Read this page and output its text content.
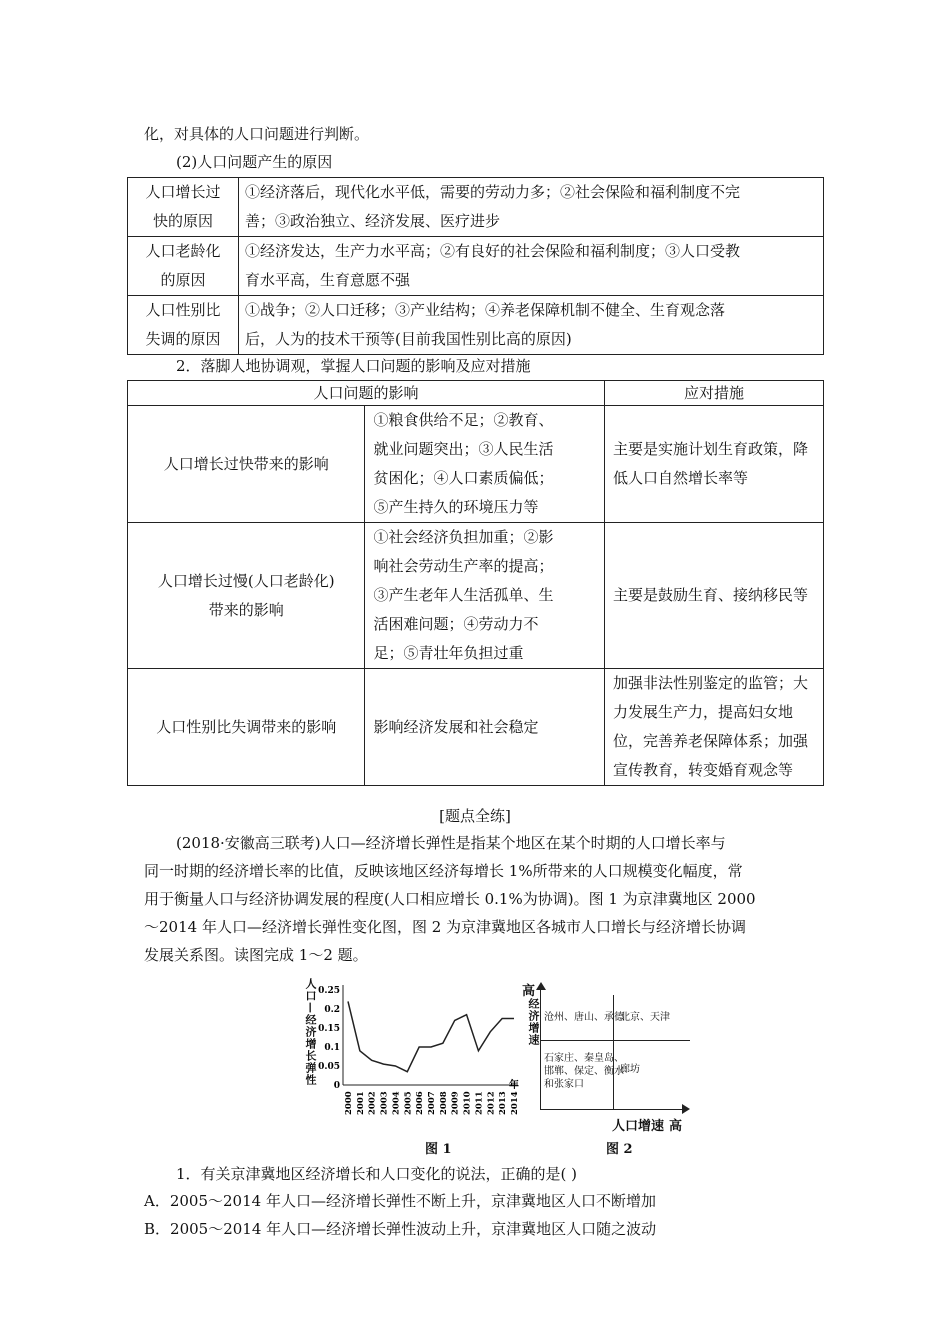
化，对具体的人口问题进行判断。
(2)人口问题产生的原因
人口增长过
快的原因	①经济落后，现代化水平低，需要的劳动力多；②社会保险和福利制度不完
善；③政治独立、经济发展、医疗进步
人口老龄化
的原因	①经济发达，生产力水平高；②有良好的社会保险和福利制度；③人口受教
育水平高，生育意愿不强
人口性别比
失调的原因	①战争；②人口迁移；③产业结构；④养老保障机制不健全、生育观念落
后，人为的技术干预等(目前我国性别比高的原因)
2．落脚人地协调观，掌握人口问题的影响及应对措施
人口问题的影响		应对措施
人口增长过快带来的影响	①粮食供给不足；②教育、
就业问题突出；③人民生活
贫困化；④人口素质偏低；
⑤产生持久的环境压力等	主要是实施计划生育政策，降
低人口自然增长率等
人口增长过慢(人口老龄化)
带来的影响	①社会经济负担加重；②影
响社会劳动生产率的提高；
③产生老年人生活孤单、生
活困难问题；④劳动力不
足；⑤青壮年负担过重	主要是鼓励生育、接纳移民等
人口性别比失调带来的影响	影响经济发展和社会稳定	加强非法性别鉴定的监管；大
力发展生产力，提高妇女地
位，完善养老保障体系；加强
宣传教育，转变婚育观念等
[题点全练]
(2018·安徽高三联考)人口—经济增长弹性是指某个地区在某个时期的人口增长率与
同一时期的经济增长率的比值，反映该地区经济每增长 1%所带来的人口规模变化幅度，常
用于衡量人口与经济协调发展的程度(人口相应增长 0.1%为协调)。图 1 为京津冀地区 2000
～2014 年人口—经济增长弹性变化图，图 2 为京津冀地区各城市人口增长与经济增长协调
发展关系图。读图完成 1～2 题。
人口—经济增长弹性 0.25
0.2
0.15
0.1
0.05
0
2000 2001 2002 2003 2004 2005 2006 2007 2008 2009 2010 2011 2012 2013 2014
年
图 1
高
经济增速 沧州、唐山、承德
北京、天津
石家庄、秦皇岛、
邯郸、保定、衡水
和张家口
廊坊
人口增速 高
图 2
1．有关京津冀地区经济增长和人口变化的说法，正确的是( )
A．2005～2014 年人口—经济增长弹性不断上升，京津冀地区人口不断增加
B．2005～2014 年人口—经济增长弹性波动上升，京津冀地区人口随之波动
